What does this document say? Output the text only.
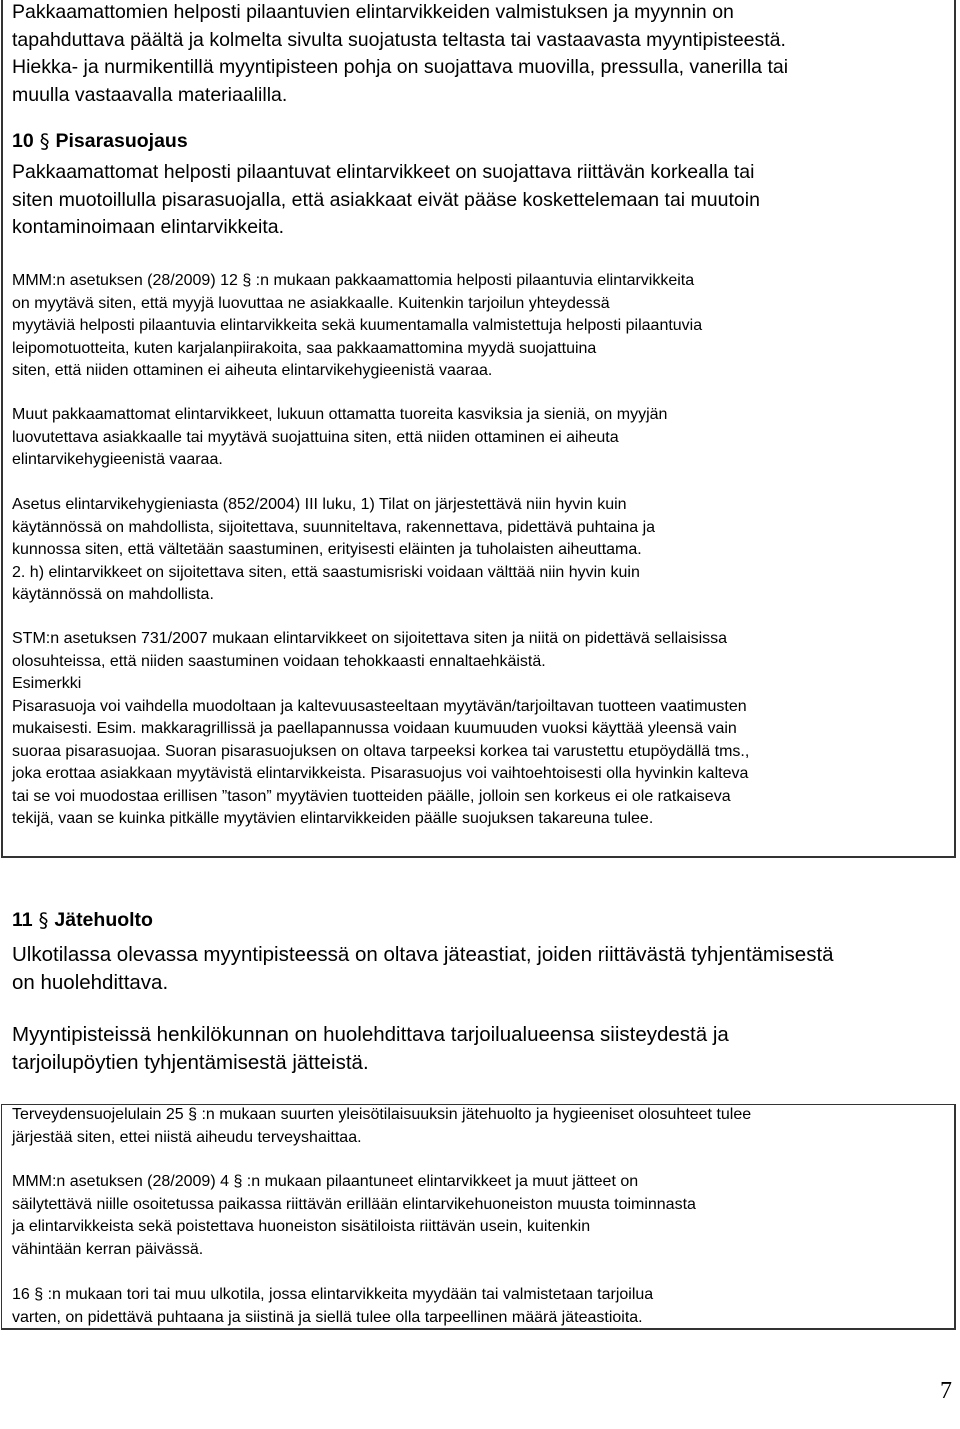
Pakkaamattomien helposti pilaantuvien elintarvikkeiden valmistuksen ja myynnin on

tapahduttava päältä ja kolmelta sivulta suojatusta teltasta tai vastaavasta myyntipisteestä.

Hiekka- ja nurmikentillä myyntipisteen pohja on suojattava muovilla, pressulla, vanerilla tai

muulla vastaavalla materiaalilla.

10 § Pisarasuojaus

Pakkaamattomat helposti pilaantuvat elintarvikkeet on suojattava riittävän korkealla tai

siten muotoillulla pisarasuojalla, että asiakkaat eivät pääse koskettelemaan tai muutoin

kontaminoimaan elintarvikkeita.

MMM:n asetuksen (28/2009) 12 § :n mukaan pakkaamattomia helposti pilaantuvia elintarvikkeita

on myytävä siten, että myyjä luovuttaa ne asiakkaalle. Kuitenkin tarjoilun yhteydessä

myytäviä helposti pilaantuvia elintarvikkeita sekä kuumentamalla valmistettuja helposti pilaantuvia

leipomotuotteita, kuten karjalanpiirakoita, saa pakkaamattomina myydä suojattuina

siten, että niiden ottaminen ei aiheuta elintarvikehygieenistä vaaraa.

Muut pakkaamattomat elintarvikkeet, lukuun ottamatta tuoreita kasviksia ja sieniä, on myyjän

luovutettava asiakkaalle tai myytävä suojattuina siten, että niiden ottaminen ei aiheuta

elintarvikehygieenistä vaaraa.

Asetus elintarvikehygieniasta (852/2004) III luku, 1) Tilat on järjestettävä niin hyvin kuin

käytännössä on mahdollista, sijoitettava, suunniteltava, rakennettava, pidettävä puhtaina ja

kunnossa siten, että vältetään saastuminen, erityisesti eläinten ja tuholaisten aiheuttama.

2. h) elintarvikkeet on sijoitettava siten, että saastumisriski voidaan välttää niin hyvin kuin

käytännössä on mahdollista.

STM:n asetuksen 731/2007 mukaan elintarvikkeet on sijoitettava siten ja niitä on pidettävä sellaisissa

olosuhteissa, että niiden saastuminen voidaan tehokkaasti ennaltaehkäistä.

Esimerkki

Pisarasuoja voi vaihdella muodoltaan ja kaltevuusasteeltaan myytävän/tarjoiltavan tuotteen vaatimusten

mukaisesti. Esim. makkaragrillissä ja paellapannussa voidaan kuumuuden vuoksi käyttää yleensä vain

suoraa pisarasuojaa. Suoran pisarasuojuksen on oltava tarpeeksi korkea tai varustettu etupöydällä tms.,

joka erottaa asiakkaan myytävistä elintarvikkeista. Pisarasuojus voi vaihtoehtoisesti olla hyvinkin kalteva

tai se voi muodostaa erillisen ”tason” myytävien tuotteiden päälle, jolloin sen korkeus ei ole ratkaiseva

tekijä, vaan se kuinka pitkälle myytävien elintarvikkeiden päälle suojuksen takareuna tulee.

11 § Jätehuolto

Ulkotilassa olevassa myyntipisteessä on oltava jäteastiat, joiden riittävästä tyhjentämisestä

on huolehdittava.

Myyntipisteissä henkilökunnan on huolehdittava tarjoilualueensa siisteydestä ja

tarjoilupöytien tyhjentämisestä jätteistä.

Terveydensuojelulain 25 § :n mukaan suurten yleisötilaisuuksin jätehuolto ja hygieeniset olosuhteet tulee

järjestää siten, ettei niistä aiheudu terveyshaittaa.

MMM:n asetuksen (28/2009) 4 § :n mukaan pilaantuneet elintarvikkeet ja muut jätteet on

säilytettävä niille osoitetussa paikassa riittävän erillään elintarvikehuoneiston muusta toiminnasta

ja elintarvikkeista sekä poistettava huoneiston sisätiloista riittävän usein, kuitenkin

vähintään kerran päivässä.

16 § :n mukaan tori tai muu ulkotila, jossa elintarvikkeita myydään tai valmistetaan tarjoilua

varten, on pidettävä puhtaana ja siistinä ja siellä tulee olla tarpeellinen määrä jäteastioita.

7
